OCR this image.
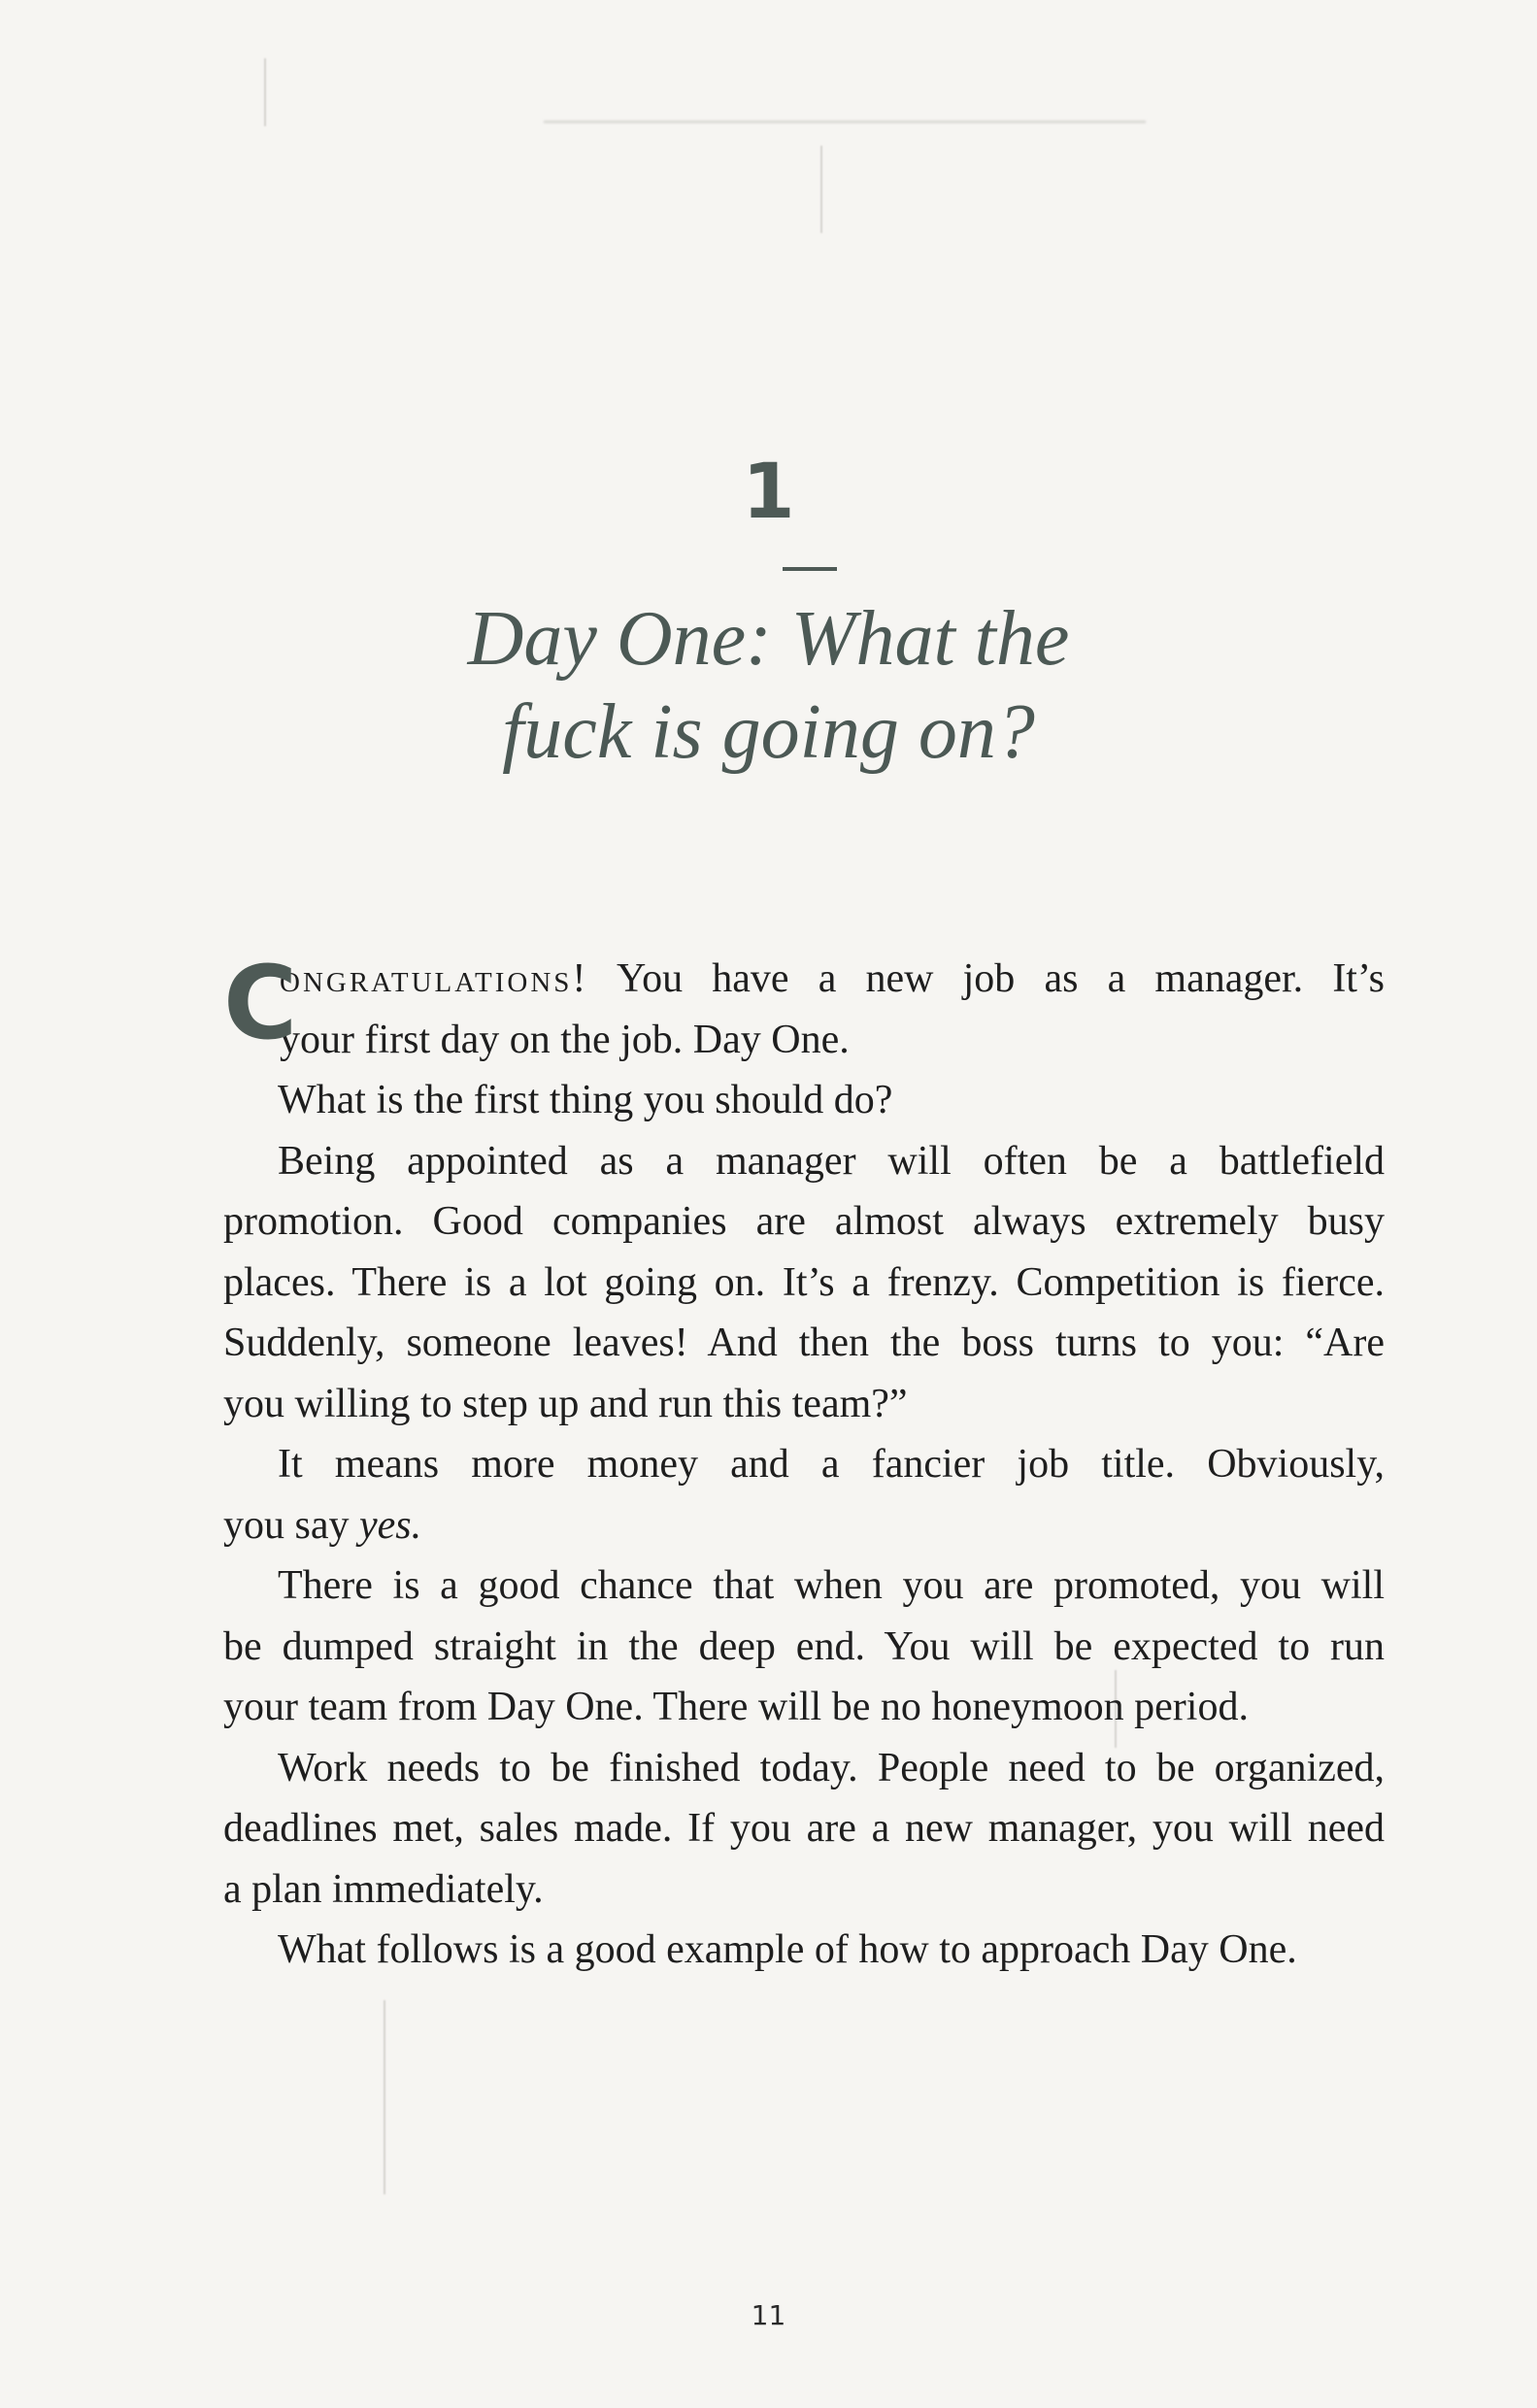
1
Day One: What the
fuck is going on?
C
ongratulations! You have a new job as a manager. It’s
your first day on the job. Day One.
What is the first thing you should do?
Being appointed as a manager will often be a battlefield
promotion. Good companies are almost always extremely busy
places. There is a lot going on. It’s a frenzy. Competition is fierce.
Suddenly, someone leaves! And then the boss turns to you: “Are
you willing to step up and run this team?”
It means more money and a fancier job title. Obviously,
you say yes.
There is a good chance that when you are promoted, you will
be dumped straight in the deep end. You will be expected to run
your team from Day One. There will be no honeymoon period.
Work needs to be finished today. People need to be organized,
deadlines met, sales made. If you are a new manager, you will need
a plan immediately.
What follows is a good example of how to approach Day One.
11
